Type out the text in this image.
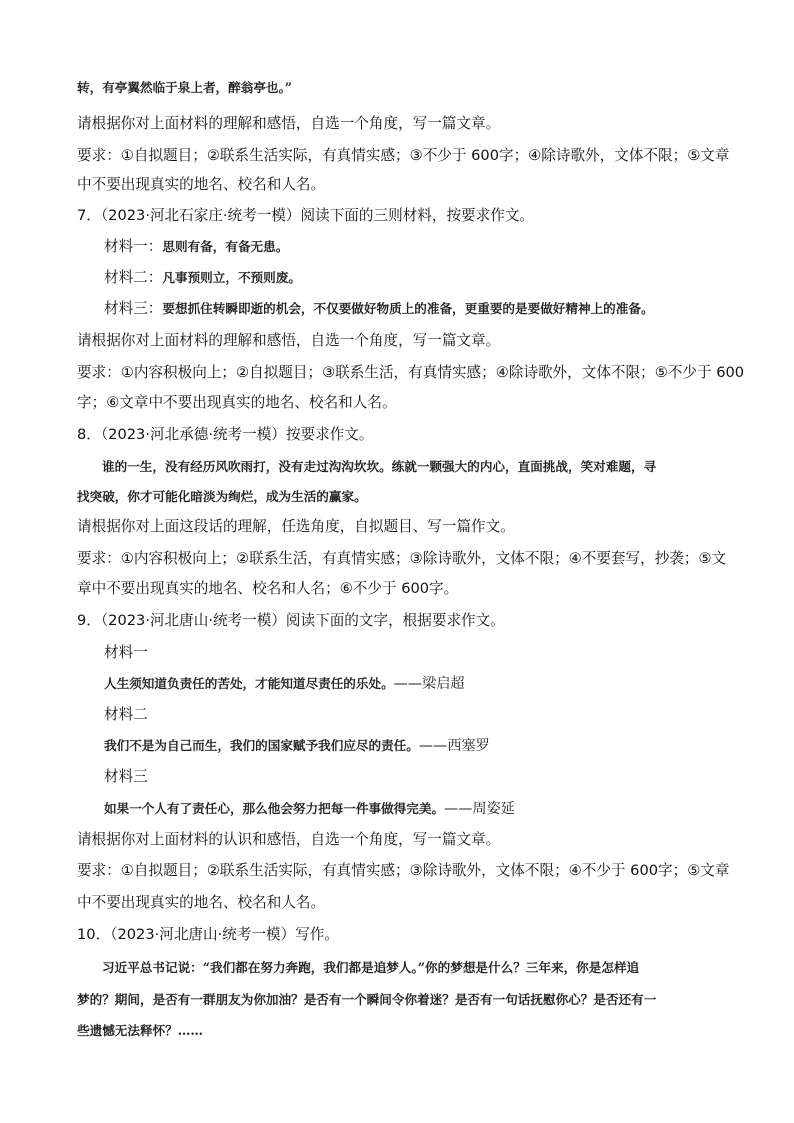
转，有亭翼然临于泉上者，醉翁亭也。”
请根据你对上面材料的理解和感悟，自选一个角度，写一篇文章。
要求：①自拟题目；②联系生活实际，有真情实感；③不少于 600字；④除诗歌外，文体不限；⑤文章
中不要出现真实的地名、校名和人名。
7．（2023·河北石家庄·统考一模）阅读下面的三则材料，按要求作文。
材料一：思则有备，有备无患。
材料二：凡事预则立，不预则废。
材料三：要想抓住转瞬即逝的机会，不仅要做好物质上的准备，更重要的是要做好精神上的准备。
请根据你对上面材料的理解和感悟，自选一个角度，写一篇文章。
要求：①内容积极向上；②自拟题目；③联系生活，有真情实感；④除诗歌外，文体不限；⑤不少于 600
字；⑥文章中不要出现真实的地名、校名和人名。
8．（2023·河北承德·统考一模）按要求作文。
谁的一生，没有经历风吹雨打，没有走过沟沟坎坎。练就一颗强大的内心，直面挑战，笑对难题，寻
找突破，你才可能化暗淡为绚烂，成为生活的赢家。
请根据你对上面这段话的理解，任选角度，自拟题目、写一篇作文。
要求：①内容积极向上；②联系生活，有真情实感；③除诗歌外，文体不限；④不要套写，抄袭；⑤文
章中不要出现真实的地名、校名和人名；⑥不少于 600字。
9．（2023·河北唐山·统考一模）阅读下面的文字，根据要求作文。
材料一
人生须知道负责任的苦处，才能知道尽责任的乐处。——梁启超
材料二
我们不是为自己而生，我们的国家赋予我们应尽的责任。——西塞罗
材料三
如果一个人有了责任心，那么他会努力把每一件事做得完美。——周姿延
请根据你对上面材料的认识和感悟，自选一个角度，写一篇文章。
要求：①自拟题目；②联系生活实际，有真情实感；③除诗歌外，文体不限；④不少于 600字；⑤文章
中不要出现真实的地名、校名和人名。
10．（2023·河北唐山·统考一模）写作。
习近平总书记说：“我们都在努力奔跑，我们都是追梦人。”你的梦想是什么？三年来，你是怎样追
梦的？期间，是否有一群朋友为你加油？是否有一个瞬间令你着迷？是否有一句话抚慰你心？是否还有一
些遗憾无法释怀？……
